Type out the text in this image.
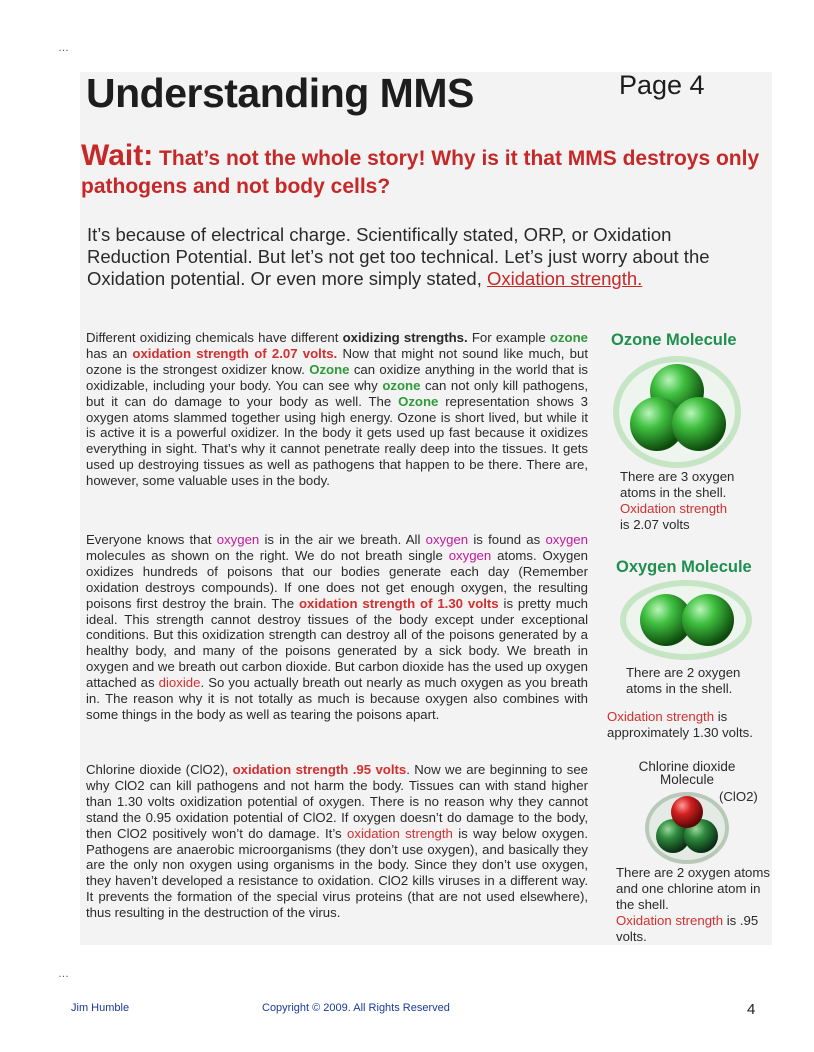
…
Understanding MMS	Page 4
Wait: That’s not the whole story! Why is it that MMS destroys only pathogens and not body cells?
It’s because of electrical charge. Scientifically stated, ORP, or Oxidation Reduction Potential. But let’s not get too technical. Let’s just worry about the Oxidation potential. Or even more simply stated, Oxidation strength.
Different oxidizing chemicals have different oxidizing strengths. For example ozone has an oxidation strength of 2.07 volts. Now that might not sound like much, but ozone is the strongest oxidizer know. Ozone can oxidize anything in the world that is oxidizable, including your body. You can see why ozone can not only kill pathogens, but it can do damage to your body as well. The Ozone representation shows 3 oxygen atoms slammed together using high energy. Ozone is short lived, but while it is active it is a powerful oxidizer. In the body it gets used up fast because it oxidizes everything in sight. That’s why it cannot penetrate really deep into the tissues. It gets used up destroying tissues as well as pathogens that happen to be there. There are, however, some valuable uses in the body.
Everyone knows that oxygen is in the air we breath. All oxygen is found as oxygen molecules as shown on the right. We do not breath single oxygen atoms. Oxygen oxidizes hundreds of poisons that our bodies generate each day (Remember oxidation destroys compounds). If one does not get enough oxygen, the resulting poisons first destroy the brain. The oxidation strength of 1.30 volts is pretty much ideal. This strength cannot destroy tissues of the body except under exceptional conditions. But this oxidization strength can destroy all of the poisons generated by a healthy body, and many of the poisons generated by a sick body. We breath in oxygen and we breath out carbon dioxide. But carbon dioxide has the used up oxygen attached as dioxide. So you actually breath out nearly as much oxygen as you breath in. The reason why it is not totally as much is because oxygen also combines with some things in the body as well as tearing the poisons apart.
Chlorine dioxide (ClO2), oxidation strength .95 volts. Now we are beginning to see why ClO2 can kill pathogens and not harm the body. Tissues can with stand higher than 1.30 volts oxidization potential of oxygen. There is no reason why they cannot stand the 0.95 oxidation potential of ClO2. If oxygen doesn’t do damage to the body, then ClO2 positively won’t do damage. It’s oxidation strength is way below oxygen. Pathogens are anaerobic microorganisms (they don’t use oxygen), and basically they are the only non oxygen using organisms in the body. Since they don’t use oxygen, they haven’t developed a resistance to oxidation. ClO2 kills viruses in a different way. It prevents the formation of the special virus proteins (that are not used elsewhere), thus resulting in the destruction of the virus.
Ozone Molecule
There are 3 oxygen atoms in the shell.
Oxidation strength
is 2.07 volts
Oxygen Molecule
There are 2 oxygen atoms in the shell.
Oxidation strength is approximately 1.30 volts.
Chlorine dioxide Molecule
(ClO2)
There are 2 oxygen atoms and one chlorine atom in the shell.
Oxidation strength is .95 volts.
…
Jim Humble	Copyright © 2009. All Rights Reserved	4
